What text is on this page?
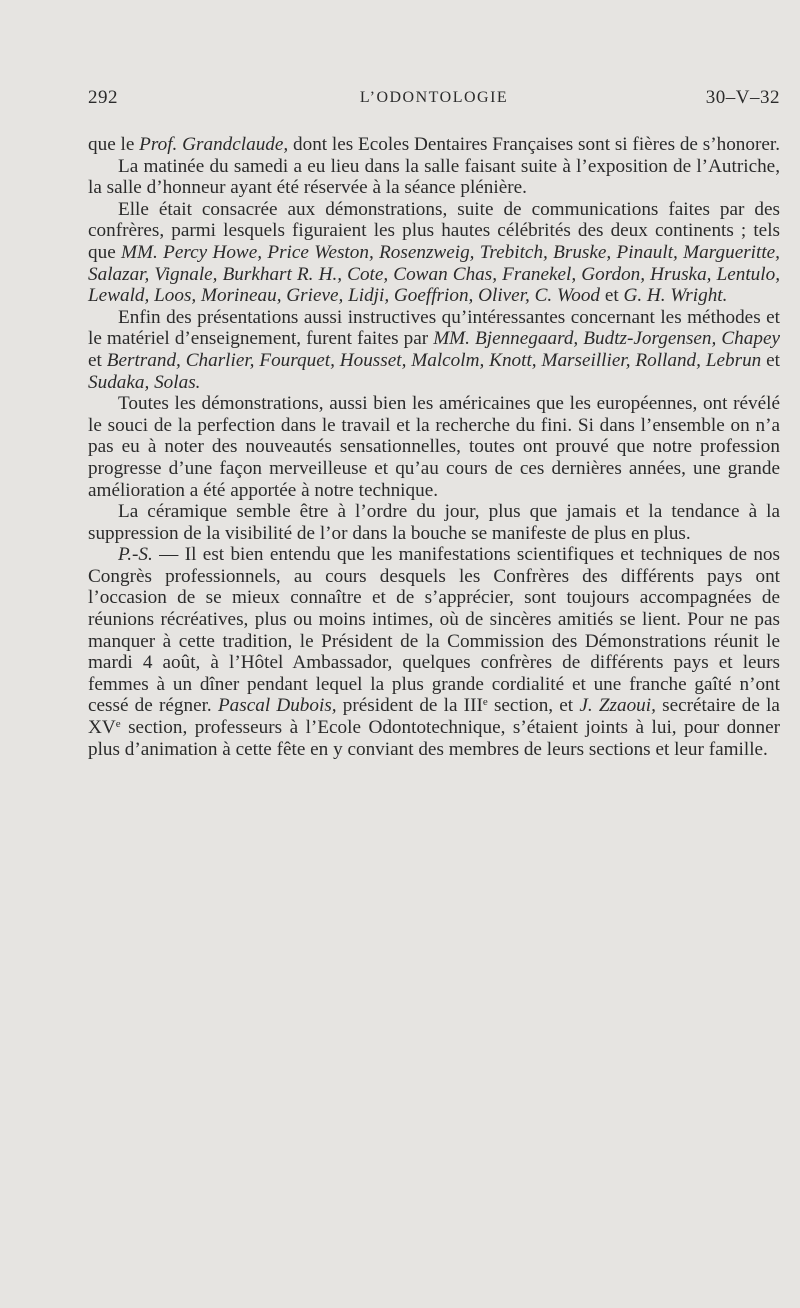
292	L’ODONTOLOGIE	30–V–32

que le Prof. Grandclaude, dont les Ecoles Dentaires Françaises sont si fières de s’honorer.

La matinée du samedi a eu lieu dans la salle faisant suite à l’exposition de l’Autriche, la salle d’honneur ayant été réservée à la séance plénière.

Elle était consacrée aux démonstrations, suite de communications faites par des confrères, parmi lesquels figuraient les plus hautes célébrités des deux continents ; tels que MM. Percy Howe, Price Weston, Rosenzweig, Trebitch, Bruske, Pinault, Margueritte, Salazar, Vignale, Burkhart R. H., Cote, Cowan Chas, Franekel, Gordon, Hruska, Lentulo, Lewald, Loos, Morineau, Grieve, Lidji, Goeffrion, Oliver, C. Wood et G. H. Wright.

Enfin des présentations aussi instructives qu’intéressantes concernant les méthodes et le matériel d’enseignement, furent faites par MM. Bjennegaard, Budtz-Jorgensen, Chapey et Bertrand, Charlier, Fourquet, Housset, Malcolm, Knott, Marseillier, Rolland, Lebrun et Sudaka, Solas.

Toutes les démonstrations, aussi bien les américaines que les européennes, ont révélé le souci de la perfection dans le travail et la recherche du fini. Si dans l’ensemble on n’a pas eu à noter des nouveautés sensationnelles, toutes ont prouvé que notre profession progresse d’une façon merveilleuse et qu’au cours de ces dernières années, une grande amélioration a été apportée à notre technique.

La céramique semble être à l’ordre du jour, plus que jamais et la tendance à la suppression de la visibilité de l’or dans la bouche se manifeste de plus en plus.

P.-S. — Il est bien entendu que les manifestations scientifiques et techniques de nos Congrès professionnels, au cours desquels les Confrères des différents pays ont l’occasion de se mieux connaître et de s’apprécier, sont toujours accompagnées de réunions récréatives, plus ou moins intimes, où de sincères amitiés se lient. Pour ne pas manquer à cette tradition, le Président de la Commission des Démonstrations réunit le mardi 4 août, à l’Hôtel Ambassador, quelques confrères de différents pays et leurs femmes à un dîner pendant lequel la plus grande cordialité et une franche gaîté n’ont cessé de régner. Pascal Dubois, président de la IIIe section, et J. Zzaoui, secrétaire de la XVe section, professeurs à l’Ecole Odontotechnique, s’étaient joints à lui, pour donner plus d’animation à cette fête en y conviant des membres de leurs sections et leur famille.
